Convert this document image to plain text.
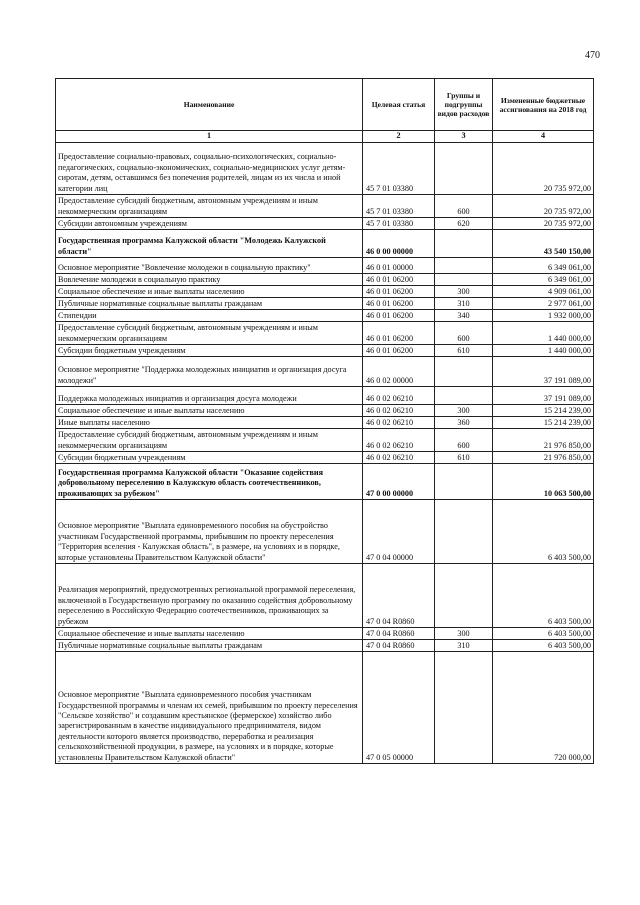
470
Наименование	Целевая статья	Группы и подгруппы видов расходов	Измененные бюджетные ассигнования на 2018 год
1	2	3	4
Предоставление социально-правовых, социально-психологических, социально-педагогических, социально-экономических, социально-медицинских услуг детям-сиротам, детям, оставшимся без попечения родителей, лицам из их числа и иной категории лиц	45 7 01 03380		20 735 972,00
Предоставление субсидий бюджетным, автономным учреждениям и иным некоммерческим организациям	45 7 01 03380	600	20 735 972,00
Субсидии автономным учреждениям	45 7 01 03380	620	20 735 972,00
Государственная программа Калужской области "Молодежь Калужской области"	46 0 00 00000		43 540 150,00
Основное мероприятие "Вовлечение молодежи в социальную практику"	46 0 01 00000		6 349 061,00
Вовлечение молодежи в социальную практику	46 0 01 06200		6 349 061,00
Социальное обеспечение и иные выплаты населению	46 0 01 06200	300	4 909 061,00
Публичные нормативные социальные выплаты гражданам	46 0 01 06200	310	2 977 061,00
Стипендии	46 0 01 06200	340	1 932 000,00
Предоставление субсидий бюджетным, автономным учреждениям и иным некоммерческим организациям	46 0 01 06200	600	1 440 000,00
Субсидии бюджетным учреждениям	46 0 01 06200	610	1 440 000,00
Основное мероприятие "Поддержка молодежных инициатив и организация досуга молодежи"	46 0 02 00000		37 191 089,00
Поддержка молодежных инициатив и организация досуга молодежи	46 0 02 06210		37 191 089,00
Социальное обеспечение и иные выплаты населению	46 0 02 06210	300	15 214 239,00
Иные выплаты населению	46 0 02 06210	360	15 214 239,00
Предоставление субсидий бюджетным, автономным учреждениям и иным некоммерческим организациям	46 0 02 06210	600	21 976 850,00
Субсидии бюджетным учреждениям	46 0 02 06210	610	21 976 850,00
Государственная программа Калужской области "Оказание содействия добровольному переселению в Калужскую область соотечественников, проживающих за рубежом"	47 0 00 00000		10 063 500,00
Основное мероприятие "Выплата единовременного пособия на обустройство участникам Государственной программы, прибывшим по проекту переселения "Территория вселения - Калужская область", в размере, на условиях и в порядке, которые установлены Правительством Калужской области"	47 0 04 00000		6 403 500,00
Реализация мероприятий, предусмотренных региональной программой переселения, включенной в Государственную программу по оказанию содействия добровольному переселению в Российскую Федерацию соотечественников, проживающих за рубежом	47 0 04 R0860		6 403 500,00
Социальное обеспечение и иные выплаты населению	47 0 04 R0860	300	6 403 500,00
Публичные нормативные социальные выплаты гражданам	47 0 04 R0860	310	6 403 500,00
Основное мероприятие "Выплата единовременного пособия участникам Государственной программы и членам их семей, прибывшим по проекту переселения "Сельское хозяйство" и создавшим крестьянское (фермерское) хозяйство либо зарегистрированным в качестве индивидуального предпринимателя, видом деятельности которого является производство, переработка и реализация сельскохозяйственной продукции, в размере, на условиях и в порядке, которые установлены Правительством Калужской области"	47 0 05 00000		720 000,00
